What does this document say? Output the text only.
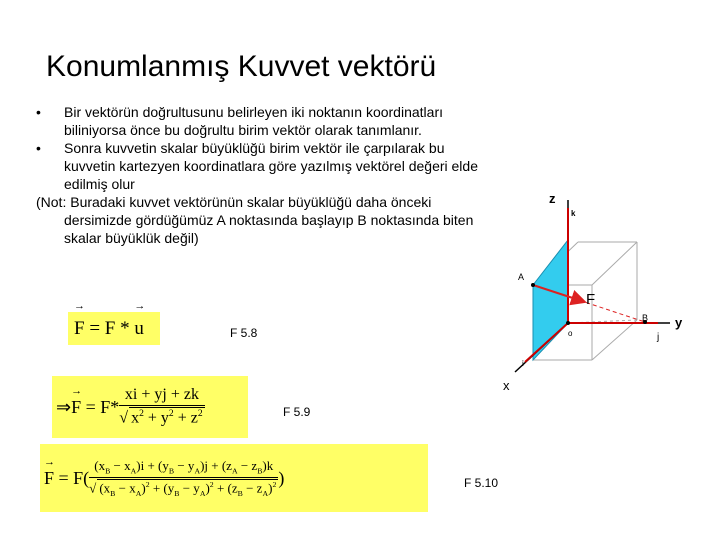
Konumlanmış Kuvvet vektörü
• Bir vektörün doğrultusunu belirleyen iki noktanın koordinatları biliniyorsa önce bu doğrultu birim vektör olarak tanımlanır.
• Sonra kuvvetin skalar büyüklüğü birim vektör ile çarpılarak bu kuvvetin kartezyen koordinatlara göre yazılmış vektörel değeri elde edilmiş olur
(Not: Buradaki kuvvet vektörünün skalar büyüklüğü daha önceki dersimizde gördüğümüz A noktasında başlayıp B noktasında biten skalar büyüklük değil)
→ F = F * → u	F 5.8
⇒→ $F = F* \frac{xi + yj + zk}{√ x^2 + y^2 + z^2}$	F 5.9
→ $F = F( \frac{(x_B - x_A)i + (y_B - y_A)j + (z_A - z_B)k}{√ (x_B - x_A)^2 + (y_B - y_A)^2 + (z_B - z_A)^2}$ )	F 5.10
z
k
y
j
x
i
A
B
o
F
